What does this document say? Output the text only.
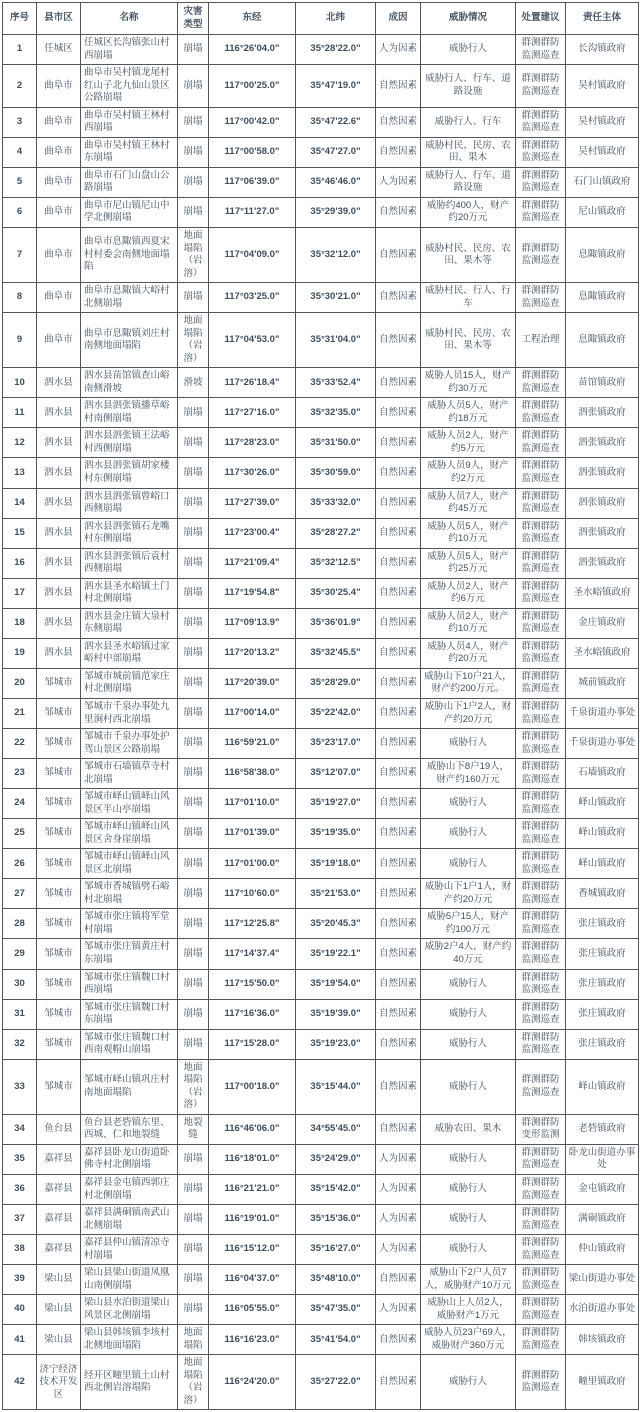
序号	县市区	名称	灾害类型	东经	北纬	成因	威胁情况	处置建议	责任主体
1	任城区	任城区长沟镇张山村西崩塌	崩塌	116°26'04.0"	35°28'22.0"	人为因素	威胁行人	群测群防监测巡查	长沟镇政府
2	曲阜市	曲阜市吴村镇龙尾村红山子北九仙山景区公路崩塌	崩塌	117°00'25.0"	35°47'19.0"	自然因素	威胁行人、行车、道路设施	群测群防监测巡查	吴村镇政府
3	曲阜市	曲阜市吴村镇王林村西崩塌	崩塌	117°00'42.0"	35°47'22.6"	自然因素	威胁行人、行车	群测群防监测巡查	吴村镇政府
4	曲阜市	曲阜市吴村镇王林村东崩塌	崩塌	117°00'58.0"	35°47'27.0"	自然因素	威胁村民、民房、农田、果木	群测群防监测巡查	吴村镇政府
5	曲阜市	曲阜市石门山盘山公路崩塌	崩塌	117°06'39.0"	35°46'46.0"	人为因素	威胁行人、行车、道路设施	群测群防监测巡查	石门山镇政府
6	曲阜市	曲阜市尼山镇尼山中学北侧崩塌	崩塌	117°11'27.0"	35°29'39.0"	自然因素	威胁约400人，财产约20万元	群测群防监测巡查	尼山镇政府
7	曲阜市	曲阜市息陬镇西夏宋村村委会南侧地面塌陷	地面塌陷（岩溶）	117°04'09.0"	35°32'12.0"	自然因素	威胁村民、民房、农田、果木等	群测群防监测巡查	息陬镇政府
8	曲阜市	曲阜市息陬镇大峪村北侧崩塌	崩塌	117°03'25.0"	35°30'21.0"	自然因素	威胁村民、行人、行车	群测群防监测巡查	息陬镇政府
9	曲阜市	曲阜市息陬镇刘庄村南侧地面塌陷	地面塌陷（岩溶）	117°04'53.0"	35°31'04.0"	自然因素	威胁村民、民房、农田、果木等	工程治理	息陬镇政府
10	泗水县	泗水县苗馆镇查山峪南侧滑坡	滑坡	117°26'18.4"	35°33'52.4"	自然因素	威胁人员15人，财产约30万元	群测群防监测巡查	苗馆镇政府
11	泗水县	泗水县泗张镇播草峪村南侧崩塌	崩塌	117°27'16.0"	35°32'35.0"	自然因素	威胁人员5人，财产约18万元	群测群防监测巡查	泗张镇政府
12	泗水县	泗水县泗张镇王法峪村西侧崩塌	崩塌	117°28'23.0"	35°31'50.0"	自然因素	威胁人员2人，财产约5万元	群测群防监测巡查	泗张镇政府
13	泗水县	泗水县泗张镇胡家楼村东侧崩塌	崩塌	117°30'26.0"	35°30'59.0"	自然因素	威胁人员9人，财产约2万元	群测群防监测巡查	泗张镇政府
14	泗水县	泗水县泗张镇曾峪口西侧崩塌	崩塌	117°27'39.0"	35°33'32.0"	自然因素	威胁人员7人，财产约45万元	群测群防监测巡查	泗张镇政府
15	泗水县	泗水县泗张镇石龙嘴村东侧崩塌	崩塌	117°23'00.4"	35°28'27.2"	自然因素	威胁人员5人，财产约10万元	群测群防监测巡查	泗张镇政府
16	泗水县	泗水县泗张镇后袁村西侧崩塌	崩塌	117°21'09.4"	35°32'12.5"	自然因素	威胁人员5人，财产约25万元	群测群防监测巡查	泗张镇政府
17	泗水县	泗水县圣水峪镇土门村北侧崩塌	崩塌	117°19'54.8"	35°30'25.4"	自然因素	威胁人员2人，财产约6万元	群测群防监测巡查	圣水峪镇政府
18	泗水县	泗水县金庄镇大泉村东侧崩塌	崩塌	117°09'13.9"	35°36'01.9"	自然因素	威胁人员2人，财产约10万元	群测群防监测巡查	金庄镇政府
19	泗水县	泗水县圣水峪镇过家峪村中部崩塌	崩塌	117°20'13.2"	35°32'45.5"	自然因素	威胁人员4人，财产约20万元	群测群防监测巡查	圣水峪镇政府
20	邹城市	邹城市城前镇范家庄村北侧崩塌	崩塌	117°20'39.0"	35°28'29.0"	自然因素	威胁山下10户21人，财产约200万元。	群测群防监测巡查	城前镇政府
21	邹城市	邹城市千泉办事处九里涧村西北崩塌	崩塌	117°00'14.0"	35°22'42.0"	自然因素	威胁山下1户2人，财产约20万元	群测群防监测巡查	千泉街道办事处
22	邹城市	邹城市千泉办事处护驾山景区公路崩塌	崩塌	116°59'21.0"	35°23'17.0"	自然因素	威胁行人	群测群防监测巡查	千泉街道办事处
23	邹城市	邹城市石墙镇草寺村北崩塌	崩塌	116°58'38.0"	35°12'07.0"	自然因素	威胁山下8户19人，财产约160万元	群测群防监测巡查	石墙镇政府
24	邹城市	邹城市峄山镇峄山风景区半山亭崩塌	崩塌	117°01'10.0"	35°19'27.0"	自然因素	威胁行人	群测群防监测巡查	峄山镇政府
25	邹城市	邹城市峄山镇峄山风景区舍身崖崩塌	崩塌	117°01'39.0"	35°19'35.0"	自然因素	威胁行人	群测群防监测巡查	峄山镇政府
26	邹城市	邹城市峄山镇峄山风景区北崩塌	崩塌	117°01'00.0"	35°19'18.0"	自然因素	威胁行人	群测群防监测巡查	峄山镇政府
27	邹城市	邹城市香城镇劈石峪村北崩塌	崩塌	117°10'60.0"	35°21'53.0"	自然因素	威胁山下1户1人，财产约20万元	群测群防监测巡查	香城镇政府
28	邹城市	邹城市张庄镇将军堂村崩塌	崩塌	117°12'25.8"	35°20'45.3"	自然因素	威胁5户15人，财产约100万元	群测群防监测巡查	张庄镇政府
29	邹城市	邹城市张庄镇黄庄村东崩塌	崩塌	117°14'37.4"	35°19'22.1"	自然因素	威胁2户4人，财产约40万元	群测群防监测巡查	张庄镇政府
30	邹城市	邹城市张庄镇魏口村西崩塌	崩塌	117°15'50.0"	35°19'54.0"	自然因素	威胁行人	群测群防监测巡查	张庄镇政府
31	邹城市	邹城市张庄镇魏口村东崩塌	崩塌	117°16'36.0"	35°19'39.0"	自然因素	威胁行人	群测群防监测巡查	张庄镇政府
32	邹城市	邹城市张庄镇魏口村西南观帽山崩塌	崩塌	117°15'28.0"	35°19'23.0"	自然因素	威胁行人	群测群防监测巡查	张庄镇政府
33	邹城市	邹城市峄山镇巩庄村南地面塌陷	地面塌陷（岩溶）	117°00'18.0"	35°15'44.0"	自然因素	威胁行人	群测群防监测巡查	峄山镇政府
34	鱼台县	鱼台县老砦镇东里、西城、仁和地裂缝	地裂缝	116°46'06.0"	34°55'45.0"	自然因素	威胁农田、果木	群测群防变形监测	老砦镇政府
35	嘉祥县	嘉祥县卧龙山街道卧佛寺村北侧崩塌	崩塌	116°18'01.0"	35°24'29.0"	人为因素	威胁行人	群测群防监测巡查	卧龙山街道办事处
36	嘉祥县	嘉祥县金屯镇西郭庄村北侧崩塌	崩塌	116°21'21.0"	35°15'42.0"	人为因素	威胁行人	群测群防监测巡查	金屯镇政府
37	嘉祥县	嘉祥县满硐镇南武山北侧崩塌	崩塌	116°19'01.0"	35°15'36.0"	人为因素	威胁行人	群测群防监测巡查	满硐镇政府
38	嘉祥县	嘉祥县仲山镇清凉寺村崩塌	崩塌	116°15'12.0"	35°16'27.0"	人为因素	威胁行人	群测群防监测巡查	仲山镇政府
39	梁山县	梁山县梁山街道凤凰山南侧崩塌	崩塌	116°04'37.0"	35°48'10.0"	自然因素	威胁山下2户人员7人，威胁财产10万元	群测群防监测巡查	梁山街道办事处
40	梁山县	梁山县水泊街道梁山风景区北侧崩塌	崩塌	116°05'55.0"	35°47'35.0"	人为因素	威胁山上人员2人，威胁财产1万元	群测群防监测巡查	水泊街道办事处
41	梁山县	梁山县韩垓镇李垓村北侧地面塌陷	地面塌陷	116°16'23.0"	35°41'54.0"	自然因素	威胁人员23户69人，威胁财产360万元	群测群防监测巡查	韩垓镇政府
42	济宁经济技术开发区	经开区疃里镇土山村西北侧岩溶塌陷	地面塌陷（岩溶）	116°24'20.0"	35°27'22.0"	自然因素	威胁行人	群测群防监测巡查	疃里镇政府
